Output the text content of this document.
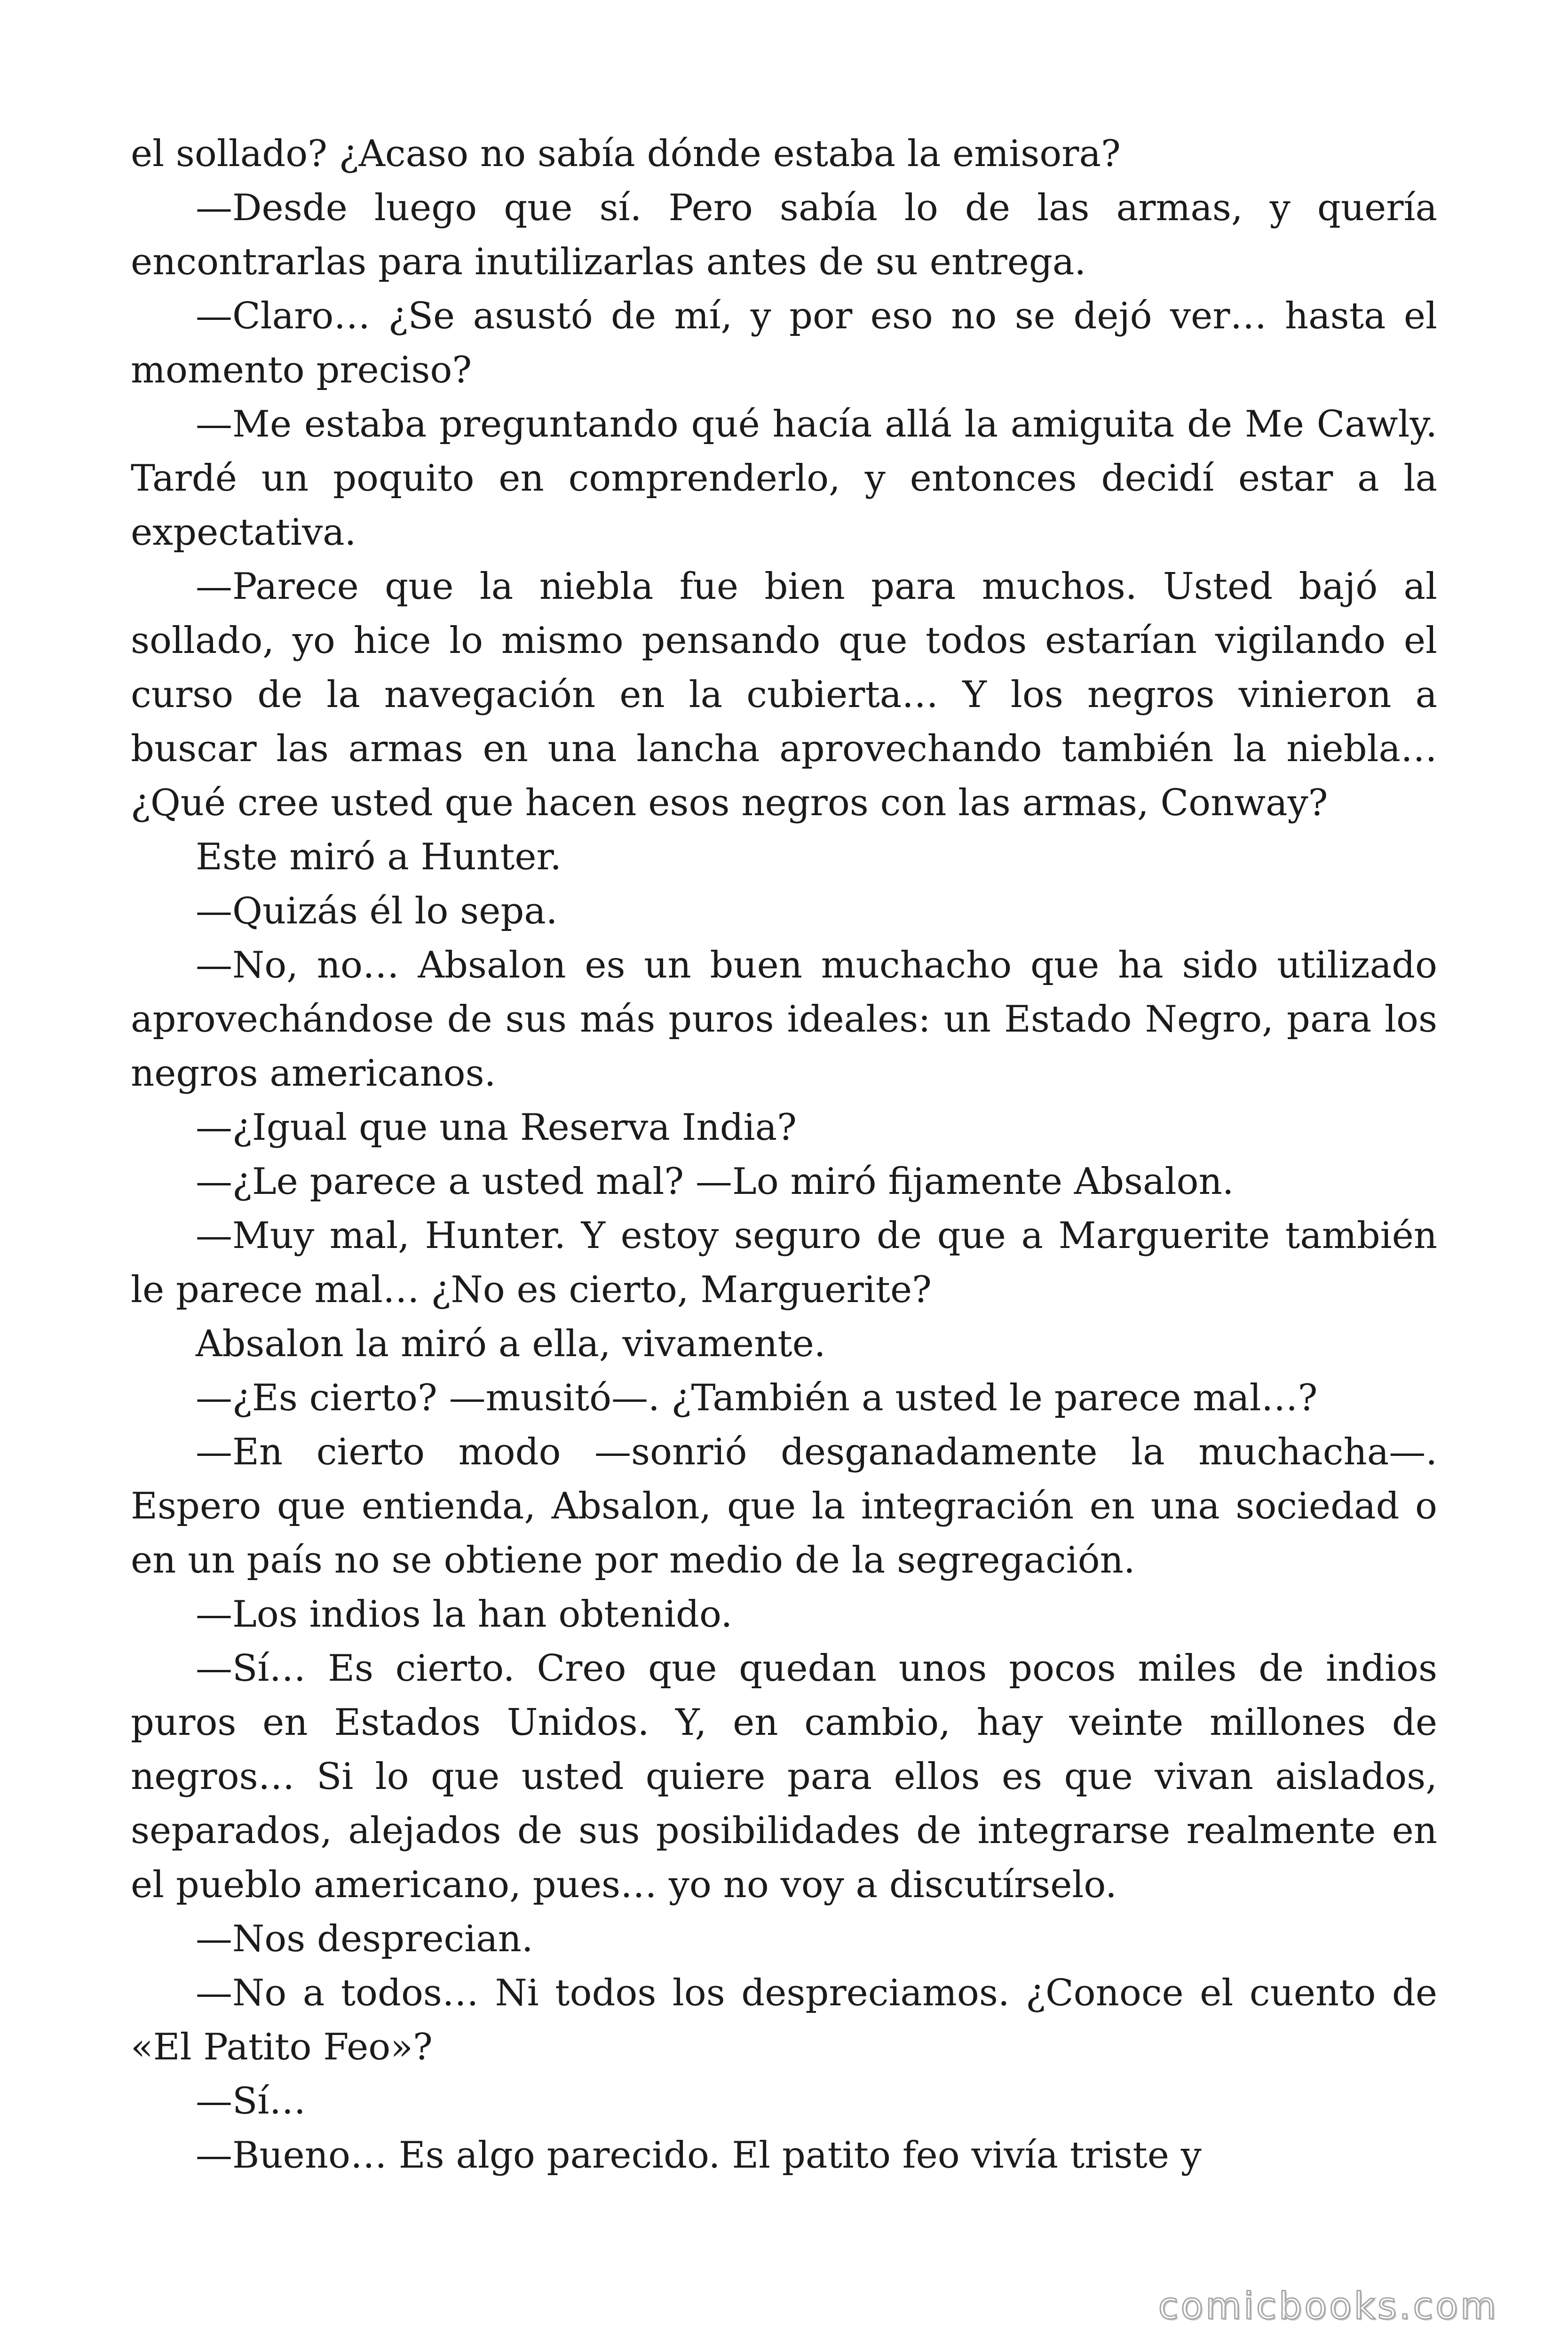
el sollado? ¿Acaso no sabía dónde estaba la emisora?

—Desde luego que sí. Pero sabía lo de las armas, y quería encontrarlas para inutilizarlas antes de su entrega.

—Claro… ¿Se asustó de mí, y por eso no se dejó ver… hasta el momento preciso?

—Me estaba preguntando qué hacía allá la amiguita de Me Cawly. Tardé un poquito en comprenderlo, y entonces decidí estar a la expectativa.

—Parece que la niebla fue bien para muchos. Usted bajó al sollado, yo hice lo mismo pensando que todos estarían vigilando el curso de la navegación en la cubierta… Y los negros vinieron a buscar las armas en una lancha aprovechando también la niebla… ¿Qué cree usted que hacen esos negros con las armas, Conway?

Este miró a Hunter.

—Quizás él lo sepa.

—No, no… Absalon es un buen muchacho que ha sido utilizado aprovechándose de sus más puros ideales: un Estado Negro, para los negros americanos.

—¿Igual que una Reserva India?

—¿Le parece a usted mal? —Lo miró fijamente Absalon.

—Muy mal, Hunter. Y estoy seguro de que a Marguerite también le parece mal… ¿No es cierto, Marguerite?

Absalon la miró a ella, vivamente.

—¿Es cierto? —musitó—. ¿También a usted le parece mal…?

—En cierto modo —sonrió desganadamente la muchacha—. Espero que entienda, Absalon, que la integración en una sociedad o en un país no se obtiene por medio de la segregación.

—Los indios la han obtenido.

—Sí… Es cierto. Creo que quedan unos pocos miles de indios puros en Estados Unidos. Y, en cambio, hay veinte millones de negros… Si lo que usted quiere para ellos es que vivan aislados, separados, alejados de sus posibilidades de integrarse realmente en el pueblo americano, pues… yo no voy a discutírselo.

—Nos desprecian.

—No a todos… Ni todos los despreciamos. ¿Conoce el cuento de «El Patito Feo»?

—Sí…

—Bueno… Es algo parecido. El patito feo vivía triste y

comicbooks.com
